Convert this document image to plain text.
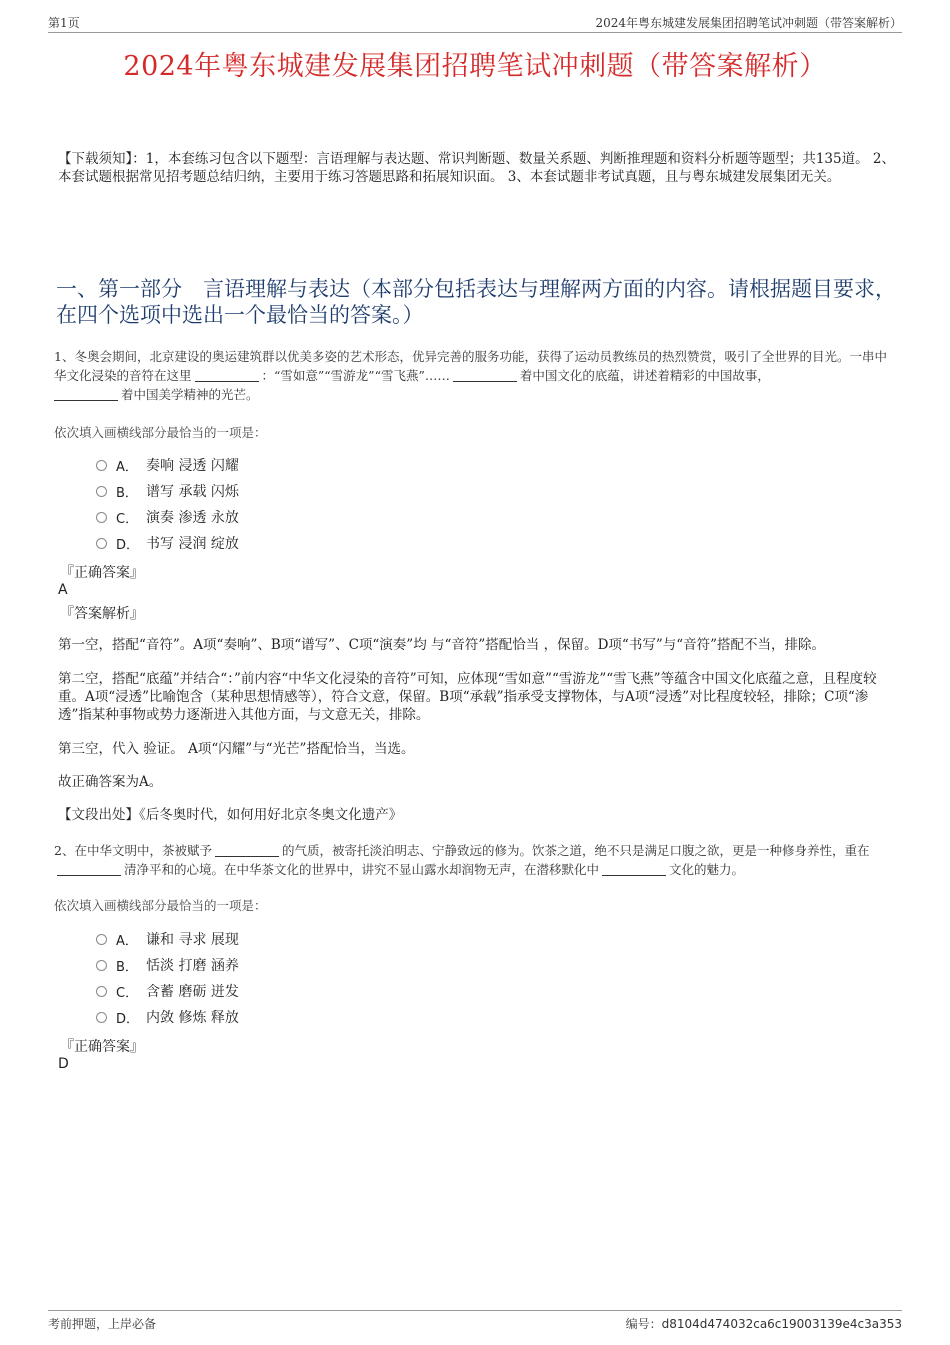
第1页	2024年粤东城建发展集团招聘笔试冲刺题（带答案解析）
2024年粤东城建发展集团招聘笔试冲刺题（带答案解析）
【下载须知】：1，本套练习包含以下题型：言语理解与表达题、常识判断题、数量关系题、判断推理题和资料分析题等题型；共135道。 2、本套试题根据常见招考题总结归纳，主要用于练习答题思路和拓展知识面。 3、本套试题非考试真题，且与粤东城建发展集团无关。
一、第一部分　言语理解与表达（本部分包括表达与理解两方面的内容。请根据题目要求，在四个选项中选出一个最恰当的答案。）
1、冬奥会期间，北京建设的奥运建筑群以优美多姿的艺术形态，优异完善的服务功能，获得了运动员教练员的热烈赞赏，吸引了全世界的目光。一串中华文化浸染的音符在这里	：“雪如意”“雪游龙”“雪飞燕”……	着中国文化的底蕴，讲述着精彩的中国故事，
着中国美学精神的光芒。
依次填入画横线部分最恰当的一项是：
A． 奏响 浸透 闪耀
B． 谱写 承载 闪烁
C． 演奏 渗透 永放
D． 书写 浸润 绽放
『正确答案』
A
『答案解析』
第一空，搭配“音符”。A项“奏响”、B项“谱写”、C项“演奏”均 与“音符”搭配恰当 ，保留。D项“书写”与“音符”搭配不当，排除。
第二空，搭配“底蕴”并结合“：”前内容“中华文化浸染的音符”可知，应体现“雪如意”“雪游龙”“雪飞燕”等蕴含中国文化底蕴之意，且程度较重。A项“浸透”比喻饱含（某种思想情感等），符合文意，保留。B项“承载”指承受支撑物体，与A项“浸透”对比程度较轻，排除；C项“渗透”指某种事物或势力逐渐进入其他方面，与文意无关，排除。
第三空，代入 验证。 A项“闪耀”与“光芒”搭配恰当，当选。
故正确答案为A。
【文段出处】《后冬奥时代，如何用好北京冬奥文化遗产》
2、在中华文明中，茶被赋予	的气质，被寄托淡泊明志、宁静致远的修为。饮茶之道，绝不只是满足口腹之欲，更是一种修身养性，重在清净平和的心境。在中华茶文化的世界中，讲究不显山露水却润物无声，在潜移默化中	文化的魅力。
依次填入画横线部分最恰当的一项是：
A． 谦和 寻求 展现
B． 恬淡 打磨 涵养
C． 含蓄 磨砺 迸发
D． 内敛 修炼 释放
『正确答案』
D
考前押题，上岸必备	编号：d8104d474032ca6c19003139e4c3a353
